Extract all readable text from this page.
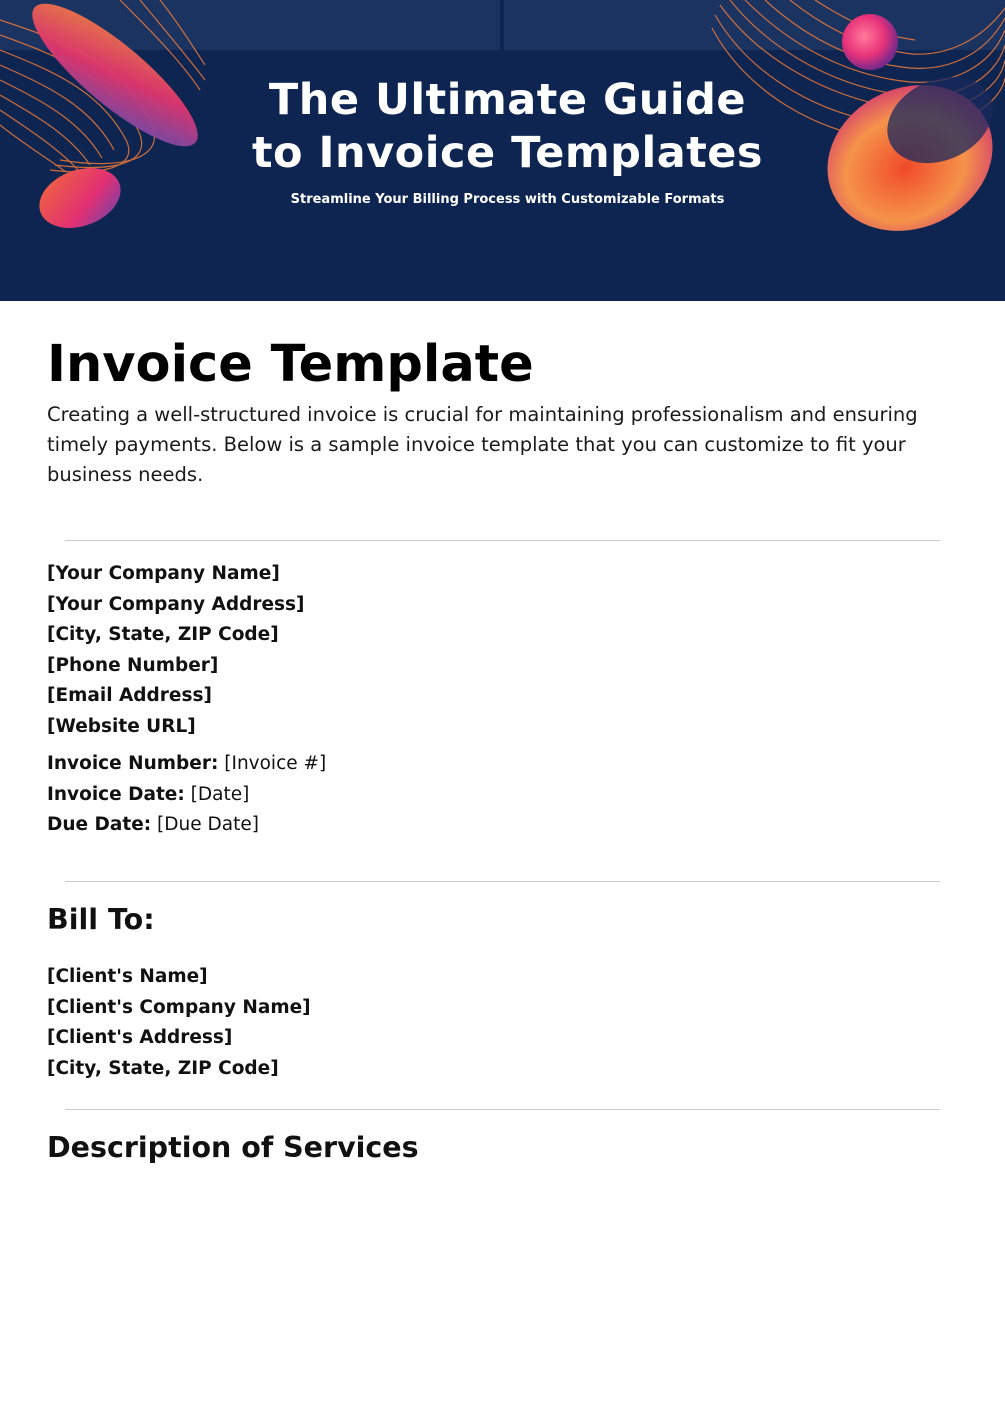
The Ultimate Guide
to Invoice Templates

Streamline Your Billing Process with Customizable Formats

Invoice Template

Creating a well-structured invoice is crucial for maintaining professionalism and ensuring timely payments. Below is a sample invoice template that you can customize to fit your business needs.

[Your Company Name]

[Your Company Address]

[City, State, ZIP Code]

[Phone Number]

[Email Address]

[Website URL]

Invoice Number: [Invoice #]

Invoice Date: [Date]

Due Date: [Due Date]

Bill To:

[Client's Name]

[Client's Company Name]

[Client's Address]

[City, State, ZIP Code]

Description of Services
